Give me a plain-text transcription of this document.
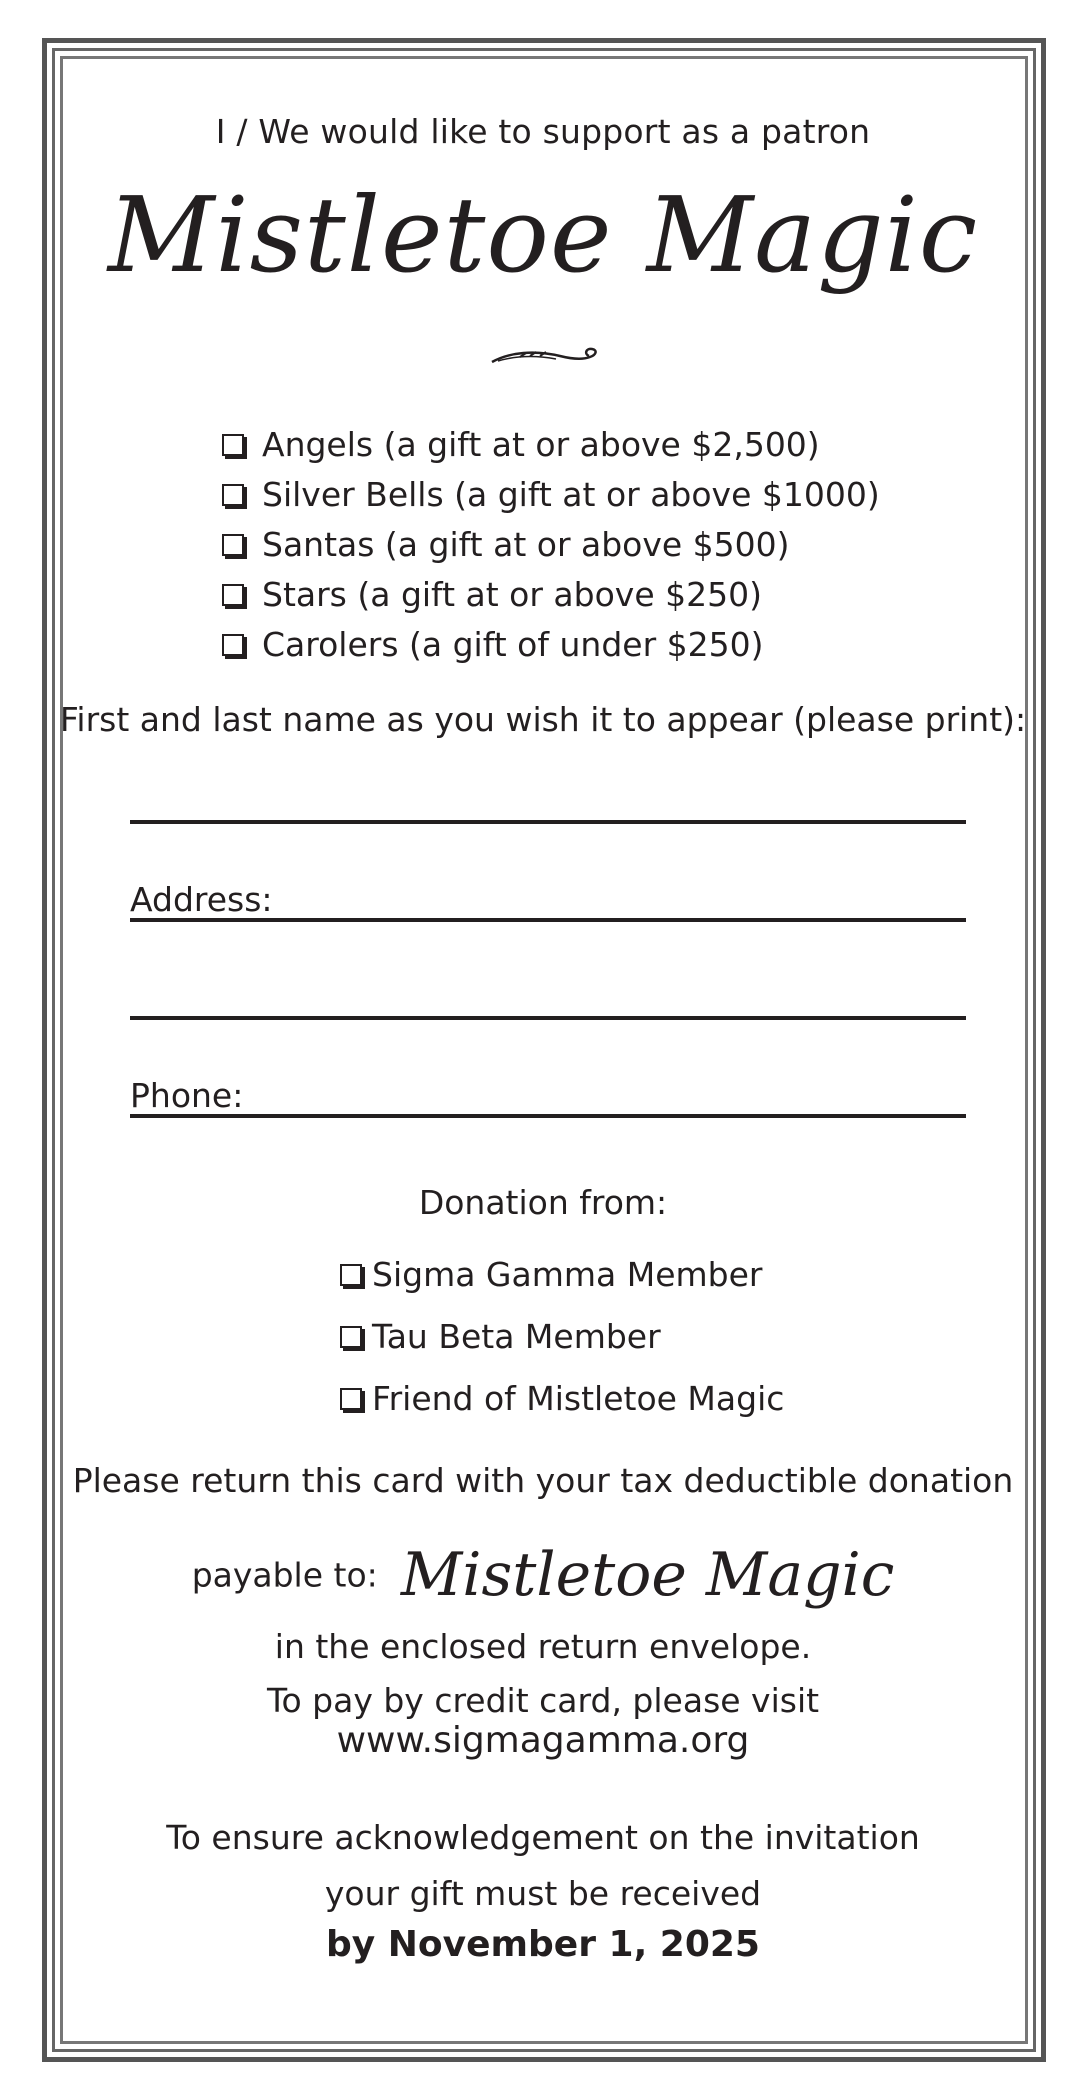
I / We would like to support as a patron
Mistletoe Magic
Angels (a gift at or above $2,500)
Silver Bells (a gift at or above $1000)
Santas (a gift at or above $500)
Stars (a gift at or above $250)
Carolers (a gift of under $250)
First and last name as you wish it to appear (please print):
Address:
Phone:
Donation from:
Sigma Gamma Member
Tau Beta Member
Friend of Mistletoe Magic
Please return this card with your tax deductible donation
payable to: Mistletoe Magic
in the enclosed return envelope.
To pay by credit card, please visit
www.sigmagamma.org
To ensure acknowledgement on the invitation
your gift must be received
by November 1, 2025
